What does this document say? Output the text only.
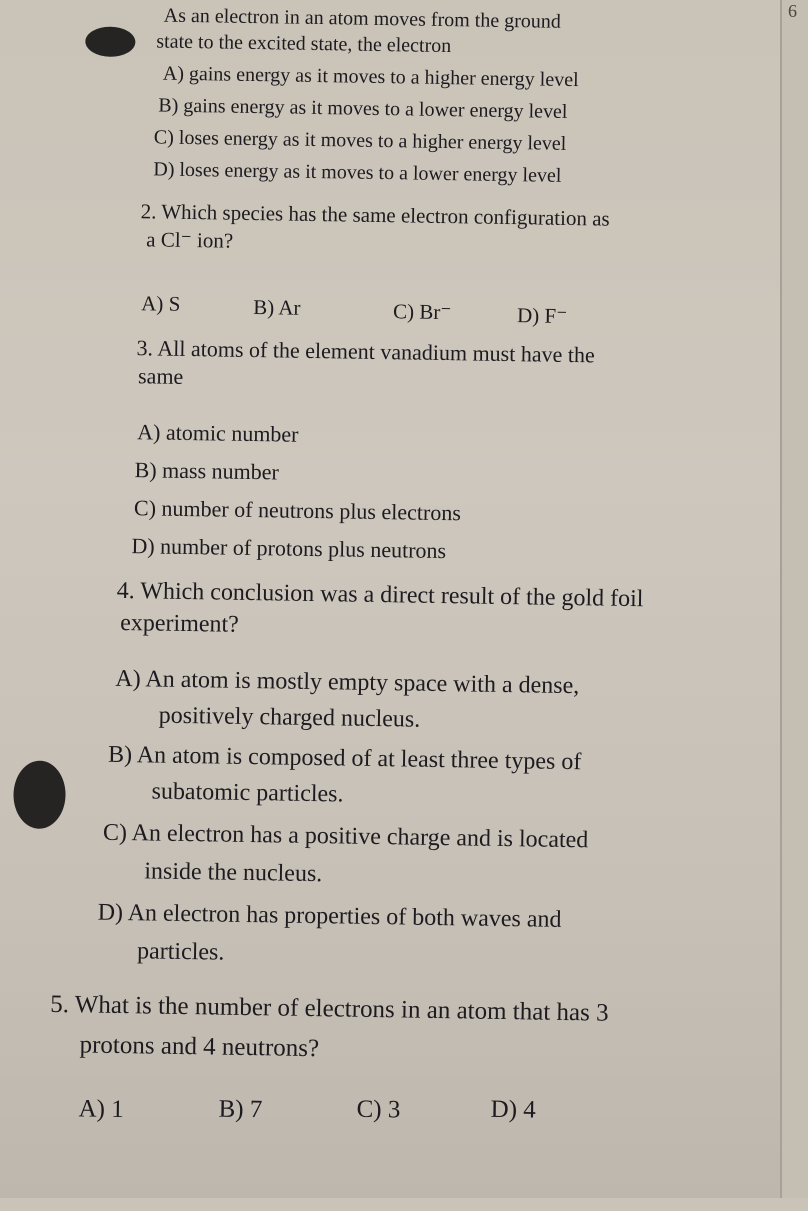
6
As an electron in an atom moves from the ground
state to the excited state, the electron
A) gains energy as it moves to a higher energy level
B) gains energy as it moves to a lower energy level
C) loses energy as it moves to a higher energy level
D) loses energy as it moves to a lower energy level
2. Which species has the same electron configuration as
a Cl⁻ ion?
A) S	B) Ar	C) Br⁻	D) F⁻
3. All atoms of the element vanadium must have the
same
A) atomic number
B) mass number
C) number of neutrons plus electrons
D) number of protons plus neutrons
4. Which conclusion was a direct result of the gold foil
experiment?
A) An atom is mostly empty space with a dense,
positively charged nucleus.
B) An atom is composed of at least three types of
subatomic particles.
C) An electron has a positive charge and is located
inside the nucleus.
D) An electron has properties of both waves and
particles.
5. What is the number of electrons in an atom that has 3
protons and 4 neutrons?
A) 1	B) 7	C) 3	D) 4
